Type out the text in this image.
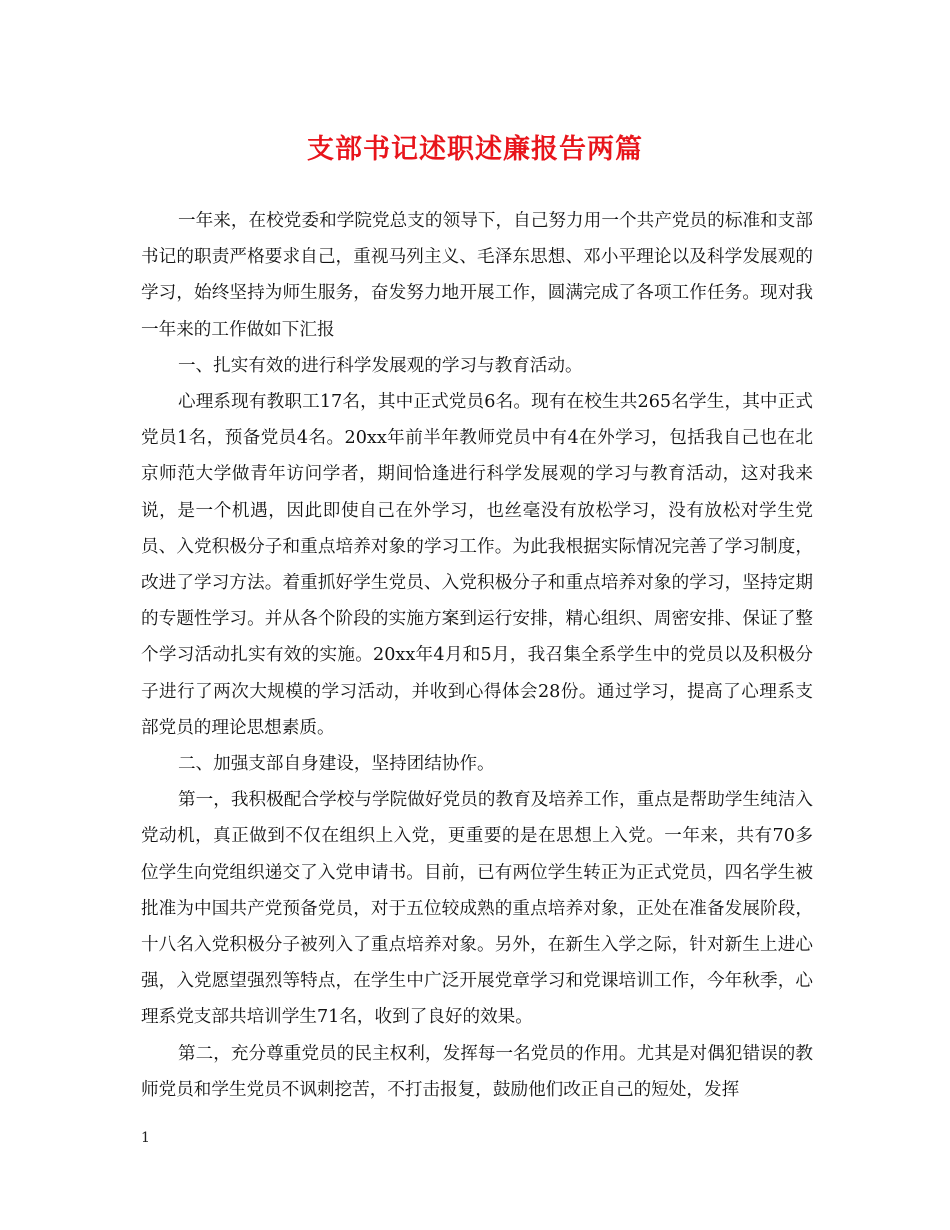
支部书记述职述廉报告两篇

一年来，在校党委和学院党总支的领导下，自己努力用一个共产党员的标准和支部书记的职责严格要求自己，重视马列主义、毛泽东思想、邓小平理论以及科学发展观的学习，始终坚持为师生服务，奋发努力地开展工作，圆满完成了各项工作任务。现对我一年来的工作做如下汇报

一、扎实有效的进行科学发展观的学习与教育活动。

心理系现有教职工17名，其中正式党员6名。现有在校生共265名学生，其中正式党员1名，预备党员4名。20xx年前半年教师党员中有4在外学习，包括我自己也在北京师范大学做青年访问学者，期间恰逢进行科学发展观的学习与教育活动，这对我来说，是一个机遇，因此即使自己在外学习，也丝毫没有放松学习，没有放松对学生党员、入党积极分子和重点培养对象的学习工作。为此我根据实际情况完善了学习制度，改进了学习方法。着重抓好学生党员、入党积极分子和重点培养对象的学习，坚持定期的专题性学习。并从各个阶段的实施方案到运行安排，精心组织、周密安排、保证了整个学习活动扎实有效的实施。20xx年4月和5月，我召集全系学生中的党员以及积极分子进行了两次大规模的学习活动，并收到心得体会28份。通过学习，提高了心理系支部党员的理论思想素质。

二、加强支部自身建设，坚持团结协作。

第一，我积极配合学校与学院做好党员的教育及培养工作，重点是帮助学生纯洁入党动机，真正做到不仅在组织上入党，更重要的是在思想上入党。一年来，共有70多位学生向党组织递交了入党申请书。目前，已有两位学生转正为正式党员，四名学生被批准为中国共产党预备党员，对于五位较成熟的重点培养对象，正处在准备发展阶段，十八名入党积极分子被列入了重点培养对象。另外，在新生入学之际，针对新生上进心强，入党愿望强烈等特点，在学生中广泛开展党章学习和党课培训工作，今年秋季，心理系党支部共培训学生71名，收到了良好的效果。

第二，充分尊重党员的民主权利，发挥每一名党员的作用。尤其是对偶犯错误的教师党员和学生党员不讽刺挖苦，不打击报复，鼓励他们改正自己的短处，发挥

1
